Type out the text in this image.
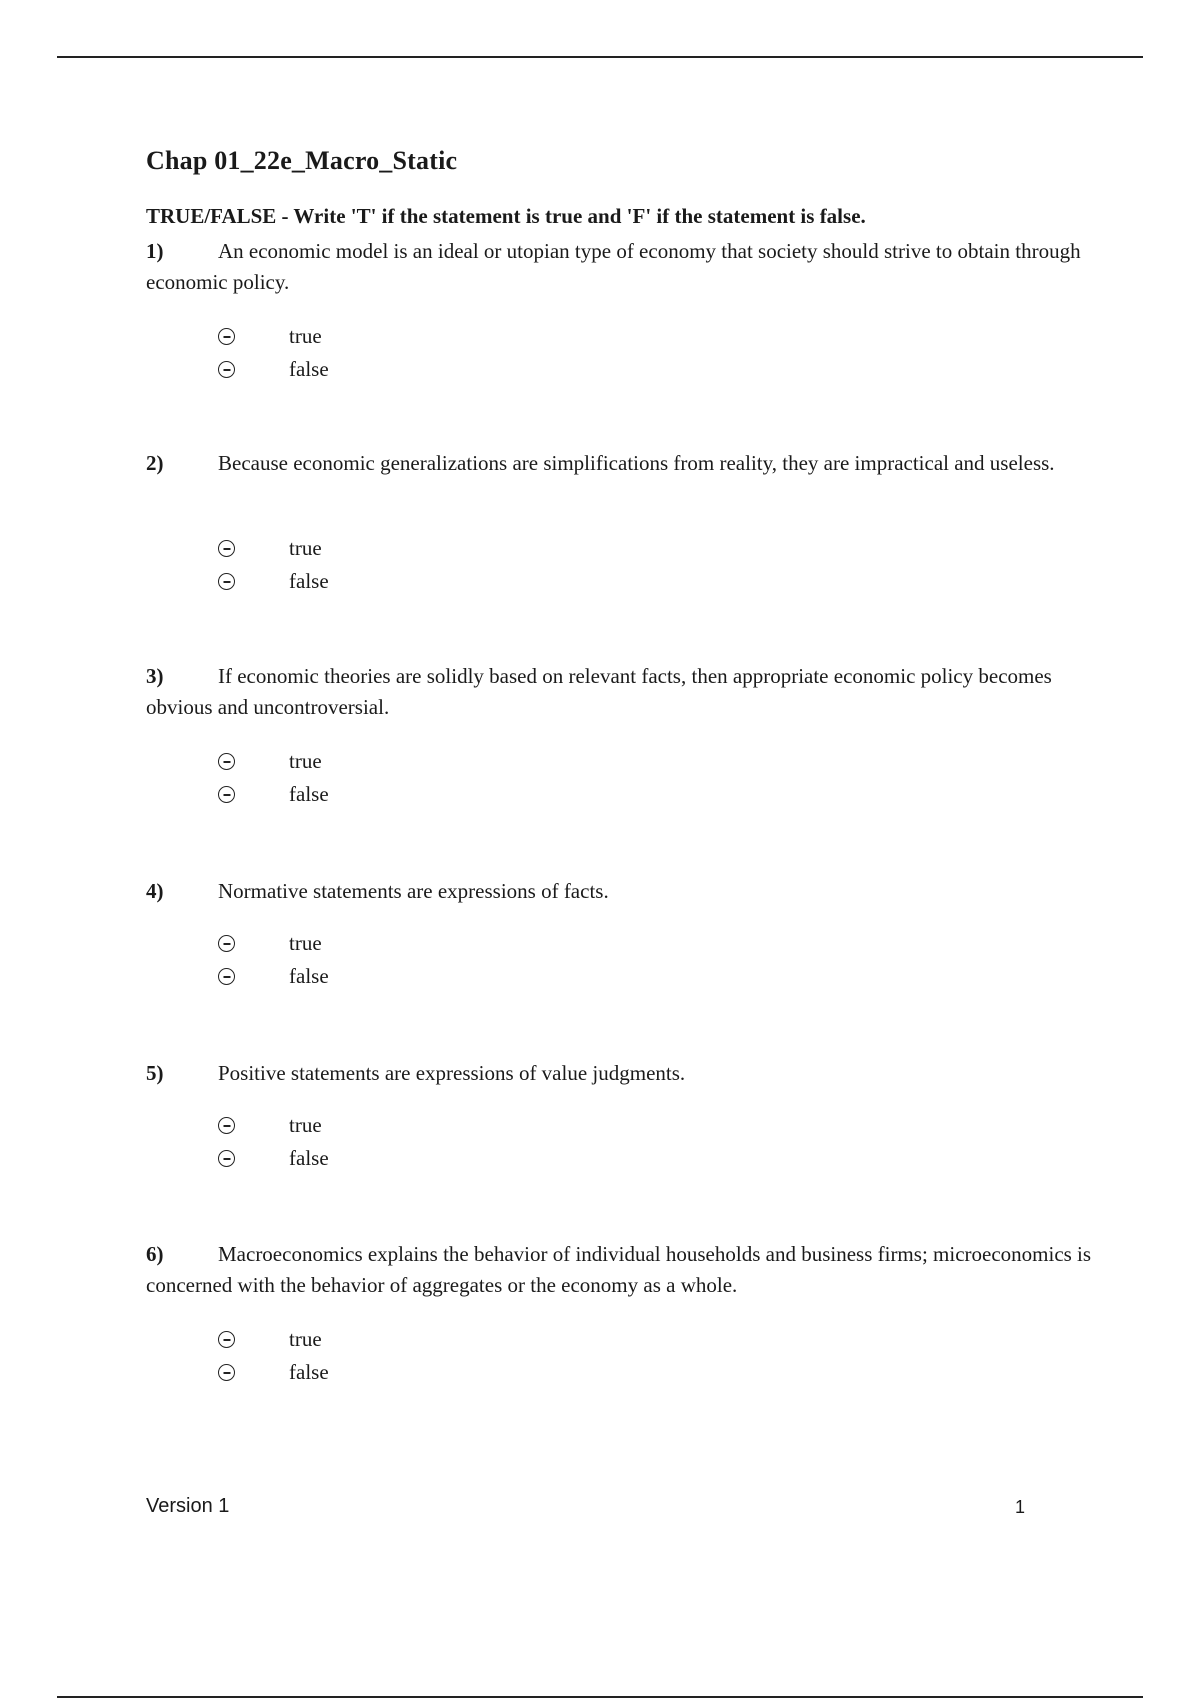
Chap 01_22e_Macro_Static
TRUE/FALSE - Write 'T' if the statement is true and 'F' if the statement is false.
1)	An economic model is an ideal or utopian type of economy that society should strive to obtain through economic policy.
true
false
2)	Because economic generalizations are simplifications from reality, they are impractical and useless.
true
false
3)	If economic theories are solidly based on relevant facts, then appropriate economic policy becomes obvious and uncontroversial.
true
false
4)	Normative statements are expressions of facts.
true
false
5)	Positive statements are expressions of value judgments.
true
false
6)	Macroeconomics explains the behavior of individual households and business firms; microeconomics is concerned with the behavior of aggregates or the economy as a whole.
true
false
Version 1	1
